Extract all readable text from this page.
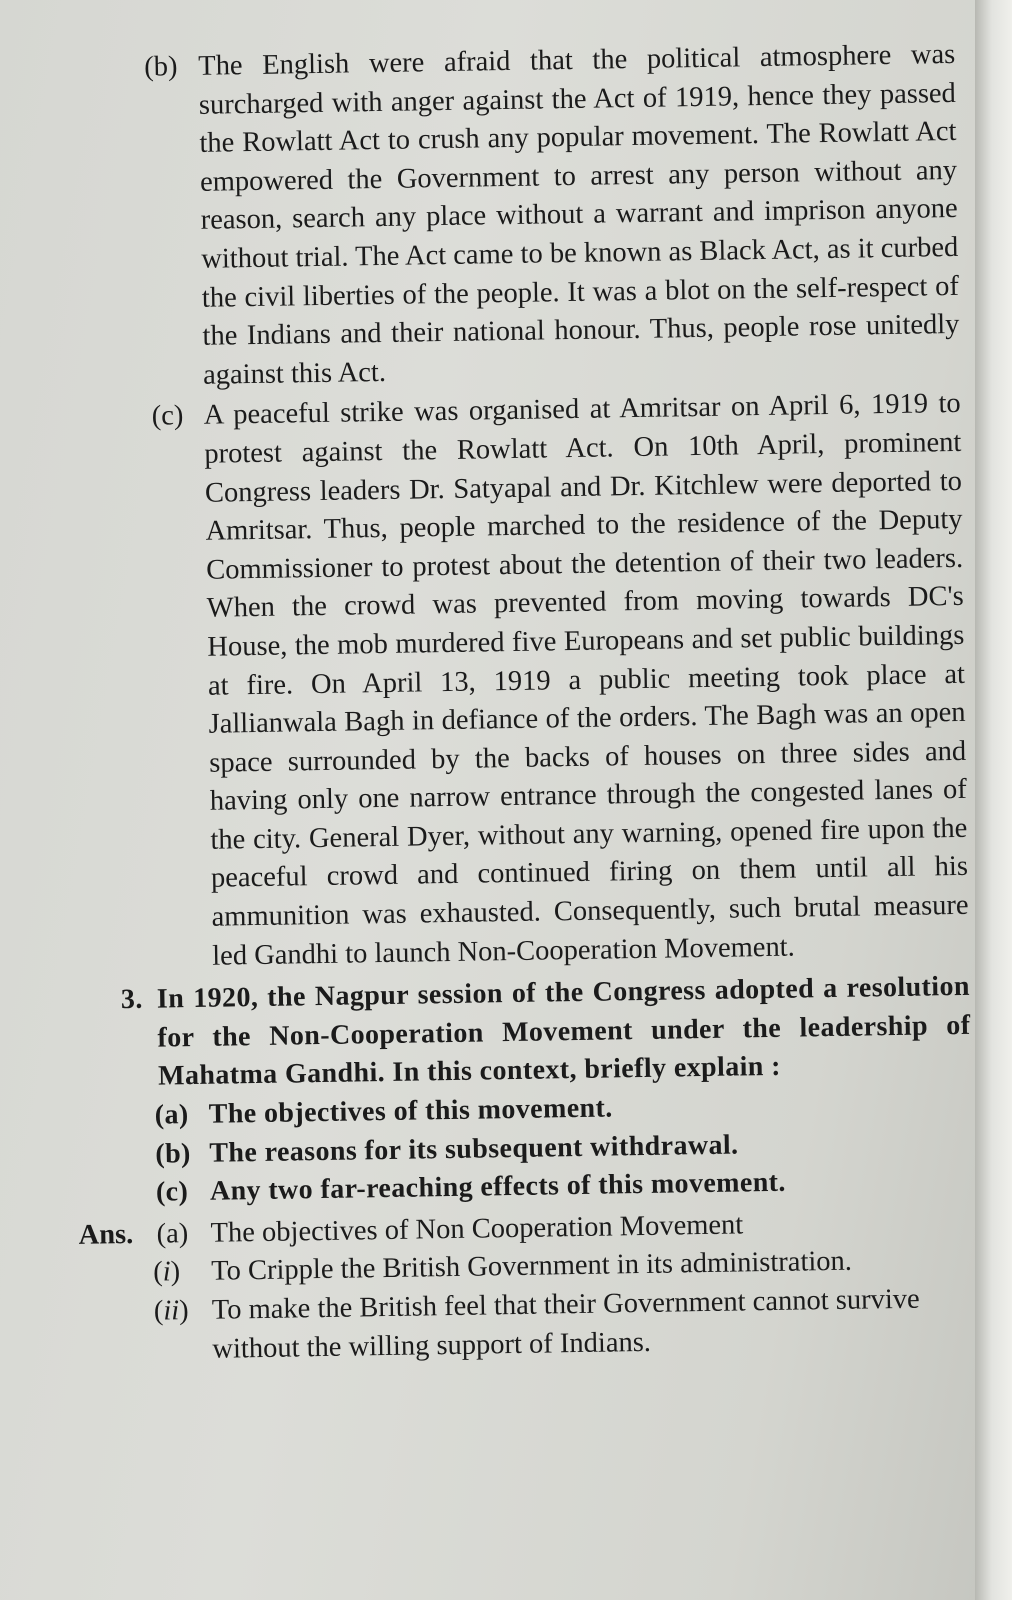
(b) The English were afraid that the political atmosphere was surcharged with anger against the Act of 1919, hence they passed the Rowlatt Act to crush any popular movement. The Rowlatt Act empowered the Government to arrest any person without any reason, search any place without a warrant and imprison anyone without trial. The Act came to be known as Black Act, as it curbed the civil liberties of the people. It was a blot on the self-respect of the Indians and their national honour. Thus, people rose unitedly against this Act.
(c) A peaceful strike was organised at Amritsar on April 6, 1919 to protest against the Rowlatt Act. On 10th April, prominent Congress leaders Dr. Satyapal and Dr. Kitchlew were deported to Amritsar. Thus, people marched to the residence of the Deputy Commissioner to protest about the detention of their two leaders. When the crowd was prevented from moving towards DC's House, the mob murdered five Europeans and set public buildings at fire. On April 13, 1919 a public meeting took place at Jallianwala Bagh in defiance of the orders. The Bagh was an open space surrounded by the backs of houses on three sides and having only one narrow entrance through the congested lanes of the city. General Dyer, without any warning, opened fire upon the peaceful crowd and continued firing on them until all his ammunition was exhausted. Consequently, such brutal measure led Gandhi to launch Non-Cooperation Movement.
3. In 1920, the Nagpur session of the Congress adopted a resolution for the Non-Cooperation Movement under the leadership of Mahatma Gandhi. In this context, briefly explain :
(a) The objectives of this movement.
(b) The reasons for its subsequent withdrawal.
(c) Any two far-reaching effects of this movement.
Ans. (a) The objectives of Non Cooperation Movement
(i) To Cripple the British Government in its administration.
(ii) To make the British feel that their Government cannot survive without the willing support of Indians.
